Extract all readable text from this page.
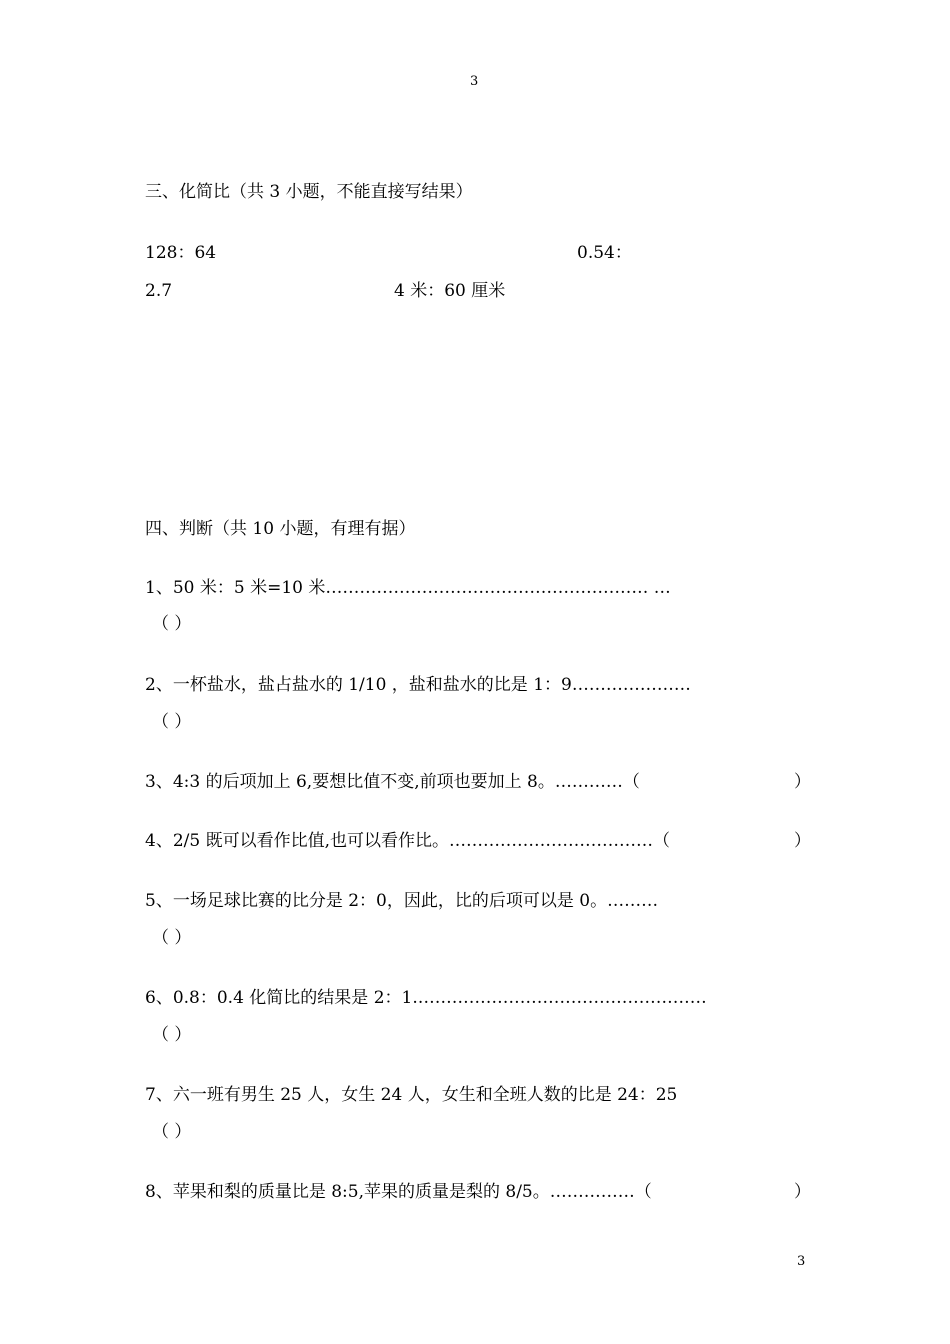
3
三、化简比（共 3 小题，不能直接写结果）
128：64	0.54：
2.7	4 米：60 厘米
四、判断（共 10 小题，有理有据）
1、50 米：5 米=10 米………………………………………………… …
（ ）
2、一杯盐水，盐占盐水的 1/10 ，盐和盐水的比是 1：9…………………
（ ）
3、4:3 的后项加上 6,要想比值不变,前项也要加上 8。…………（	）
4、2/5 既可以看作比值,也可以看作比。………………………………（	）
5、一场足球比赛的比分是 2：0，因此，比的后项可以是 0。………
（ ）
6、0.8：0.4 化简比的结果是 2：1.……………………………………………
（ ）
7、六一班有男生 25 人，女生 24 人，女生和全班人数的比是 24：25
（ ）
8、苹果和梨的质量比是 8:5,苹果的质量是梨的 8/5。……………（	）
3
